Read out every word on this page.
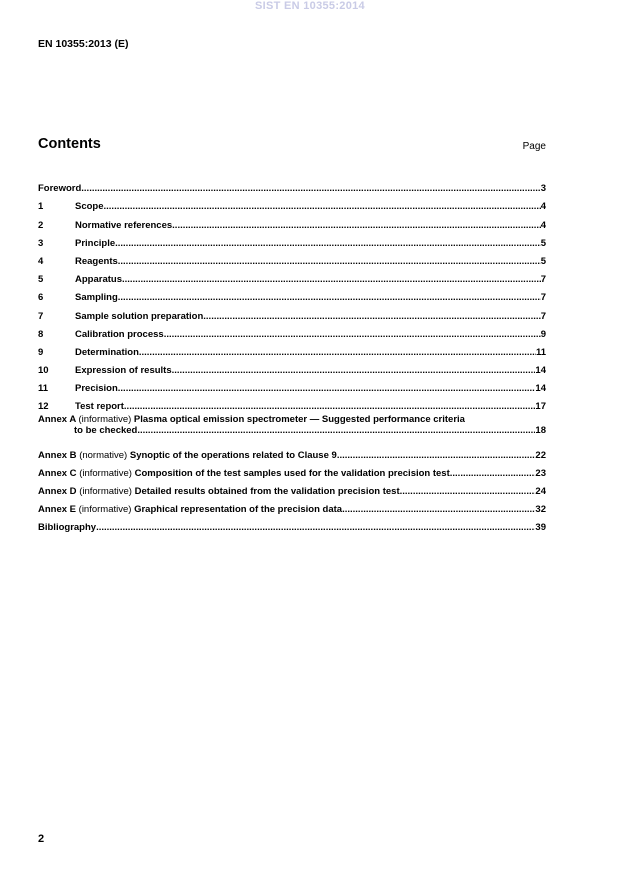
SIST EN 10355:2014
EN 10355:2013 (E)
Contents	Page
Foreword .....	3
1	Scope .....	4
2	Normative references .....	4
3	Principle .....	5
4	Reagents .....	5
5	Apparatus .....	7
6	Sampling .....	7
7	Sample solution preparation .....	7
8	Calibration process .....	9
9	Determination .....	11
10	Expression of results .....	14
11	Precision .....	14
12	Test report .....	17
Annex A (informative) Plasma optical emission spectrometer — Suggested performance criteria
to be checked .....	18
Annex B (normative) Synoptic of the operations related to Clause 9 .....	22
Annex C (informative) Composition of the test samples used for the validation precision test .....	23
Annex D (informative) Detailed results obtained from the validation precision test .....	24
Annex E (informative) Graphical representation of the precision data .....	32
Bibliography .....	39
2
